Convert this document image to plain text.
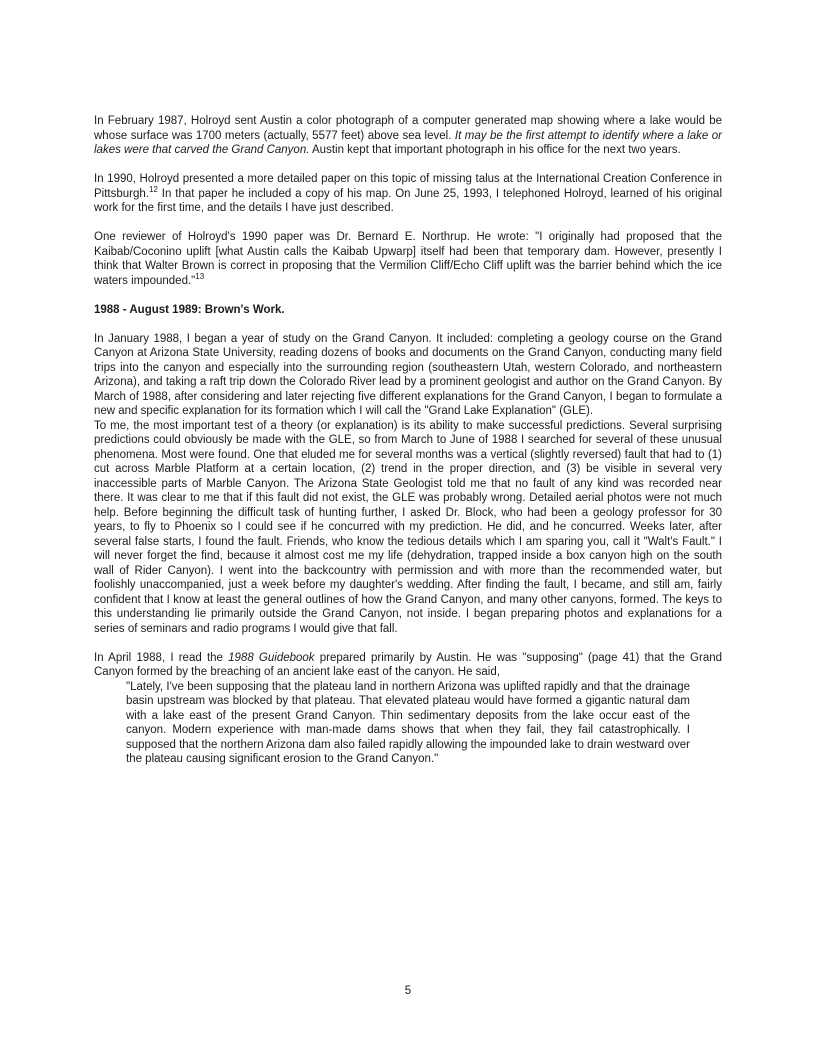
In February 1987, Holroyd sent Austin a color photograph of a computer generated map showing where a lake would be whose surface was 1700 meters (actually, 5577 feet) above sea level. It may be the first attempt to identify where a lake or lakes were that carved the Grand Canyon. Austin kept that important photograph in his office for the next two years.

In 1990, Holroyd presented a more detailed paper on this topic of missing talus at the International Creation Conference in Pittsburgh.$^{12}$ In that paper he included a copy of his map. On June 25, 1993, I telephoned Holroyd, learned of his original work for the first time, and the details I have just described.

One reviewer of Holroyd's 1990 paper was Dr. Bernard E. Northrup. He wrote: "I originally had proposed that the Kaibab/Coconino uplift [what Austin calls the Kaibab Upwarp] itself had been that temporary dam. However, presently I think that Walter Brown is correct in proposing that the Vermilion Cliff/Echo Cliff uplift was the barrier behind which the ice waters impounded."$^{13}$

1988 - August 1989: Brown's Work.

In January 1988, I began a year of study on the Grand Canyon. It included: completing a geology course on the Grand Canyon at Arizona State University, reading dozens of books and documents on the Grand Canyon, conducting many field trips into the canyon and especially into the surrounding region (southeastern Utah, western Colorado, and northeastern Arizona), and taking a raft trip down the Colorado River lead by a prominent geologist and author on the Grand Canyon. By March of 1988, after considering and later rejecting five different explanations for the Grand Canyon, I began to formulate a new and specific explanation for its formation which I will call the "Grand Lake Explanation" (GLE).

To me, the most important test of a theory (or explanation) is its ability to make successful predictions. Several surprising predictions could obviously be made with the GLE, so from March to June of 1988 I searched for several of these unusual phenomena. Most were found. One that eluded me for several months was a vertical (slightly reversed) fault that had to (1) cut across Marble Platform at a certain location, (2) trend in the proper direction, and (3) be visible in several very inaccessible parts of Marble Canyon. The Arizona State Geologist told me that no fault of any kind was recorded near there. It was clear to me that if this fault did not exist, the GLE was probably wrong. Detailed aerial photos were not much help. Before beginning the difficult task of hunting further, I asked Dr. Block, who had been a geology professor for 30 years, to fly to Phoenix so I could see if he concurred with my prediction. He did, and he concurred. Weeks later, after several false starts, I found the fault. Friends, who know the tedious details which I am sparing you, call it "Walt's Fault." I will never forget the find, because it almost cost me my life (dehydration, trapped inside a box canyon high on the south wall of Rider Canyon). I went into the backcountry with permission and with more than the recommended water, but foolishly unaccompanied, just a week before my daughter's wedding. After finding the fault, I became, and still am, fairly confident that I know at least the general outlines of how the Grand Canyon, and many other canyons, formed. The keys to this understanding lie primarily outside the Grand Canyon, not inside. I began preparing photos and explanations for a series of seminars and radio programs I would give that fall.

In April 1988, I read the 1988 Guidebook prepared primarily by Austin. He was "supposing" (page 41) that the Grand Canyon formed by the breaching of an ancient lake east of the canyon. He said,

"Lately, I've been supposing that the plateau land in northern Arizona was uplifted rapidly and that the drainage basin upstream was blocked by that plateau. That elevated plateau would have formed a gigantic natural dam with a lake east of the present Grand Canyon. Thin sedimentary deposits from the lake occur east of the canyon. Modern experience with man-made dams shows that when they fail, they fail catastrophically. I supposed that the northern Arizona dam also failed rapidly allowing the impounded lake to drain westward over the plateau causing significant erosion to the Grand Canyon."
5
